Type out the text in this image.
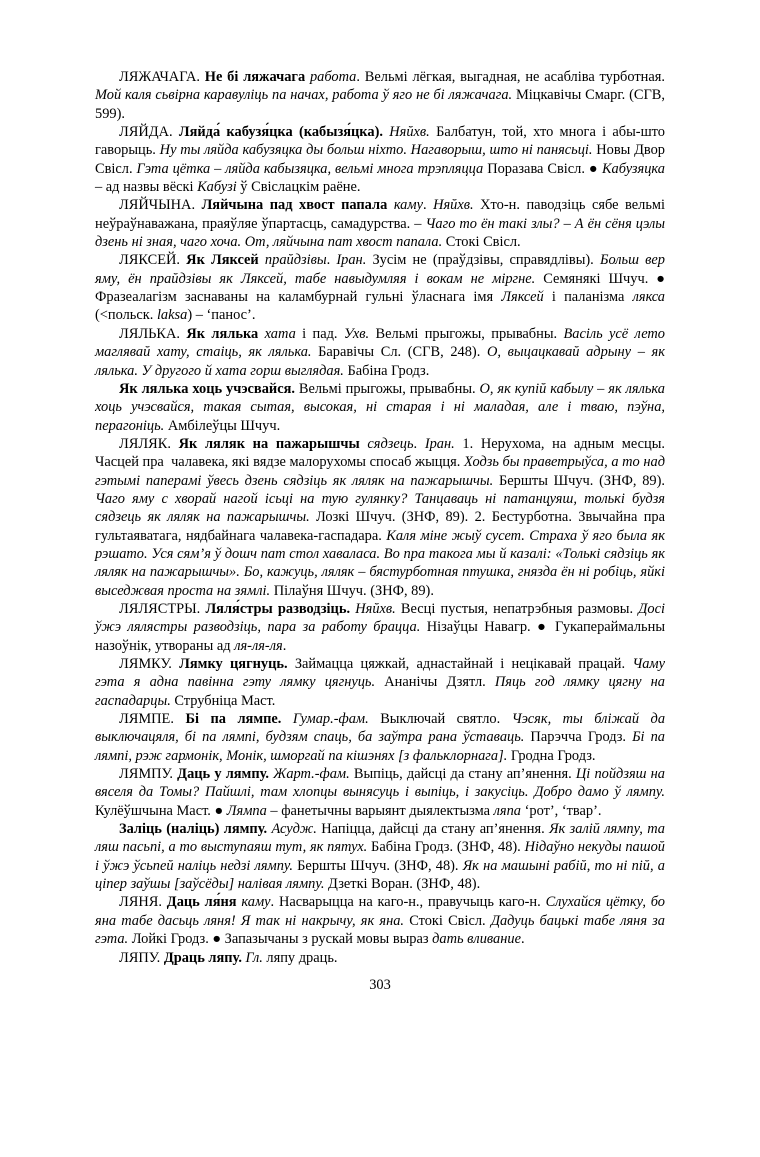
ЛЯЖАЧАГА. Не бі ляжачага работа. Вельмі лёгкая, выгадная, не асабліва турботная. Мой каля сьвірна каравуліць па начах, работа ў яго не бі ляжачага. Міцкавічы Смарг. (СГВ, 599).

ЛЯЙДА. Ляйда́ кабузя́цка (кабызя́цка). Няŭхв. Балбатун, той, хто многа і абы-што гаворыць. Ну ты ляйда кабузяцка ды больш ніхто. Нагаворыш, што ні панясьці. Новы Двор Свісл. Гэта цётка – ляйда кабызяцка, вельмі многа трэпляцца Поразава Свісл. ● Кабузяцка – ад назвы вёскі Кабузі ў Свіслацкім раёне.

ЛЯЙЧЫНА. Ляйчына пад хвост папала каму. Няŭхв. Хто-н. паводзіць сябе вельмі неўраўнаважана, праяўляе ўпартасць, самадурства. – Чаго то ён такі злы? – А ён сёня цэлы дзень ні зная, чаго хоча. От, ляйчына пат хвост папала. Стокі Свісл.

ЛЯКСЕЙ. Як Ляксей праŭдзівы. Іран. Зусім не (праўдзівы, справядлівы). Больш вер яму, ён праŭдзівы як Ляксей, табе навыдумляя і вокам не міргне. Семянякі Шчуч. ● Фразеалагізм заснаваны на каламбурнай гульні ўласнага імя Ляксей і паланізма лякса (<польск. laksa) – ‘панос’.

ЛЯЛЬКА. Як лялька хата і пад. Ухв. Вельмі прыгожы, прывабны. Васіль усё лето магляваŭ хату, стаіць, як лялька. Баравічы Сл. (СГВ, 248). О, выцацкаваŭ адрыну – як лялька. У другого й хата горш выглядая. Бабіна Гродз.

Як лялька хоць учэсвайся. Вельмі прыгожы, прывабны. О, як купіŭ кабылу – як лялька хоць учэсвайся, такая сытая, высокая, ні старая і ні маладая, але і тваю, пэўна, перагоніць. Амбілеўцы Шчуч.

ЛЯЛЯК. Як ляляк на пажарышчы сядзець. Іран. 1. Нерухома, на адным месцы. Часцей пра  чалавека, які вядзе малорухомы спосаб жыцця. Ходзь бы праветрыўса, а то над гэтымі паперамі ўвесь дзень сядзіць як ляляк на пажарышчы. Бершты Шчуч. (ЗНФ, 89). Чаго яму с хворай нагой ісьці на тую гулянку? Танцаваць ні патанцуяш, толькі будзя сядзець як ляляк на пажарышчы. Лозкі Шчуч. (ЗНФ, 89). 2. Бестурботна. Звычайна пра гультаяватага, нядбайнага чалавека-гаспадара. Каля міне жыў сусет. Страха ў яго была як рэшато. Уся сям’я ў дошч пат стол хаваласа. Во пра такога мы й казалі: «Толькі сядзіць як ляляк на пажарышчы». Бо, кажуць, ляляк – бястурботная птушка, гнязда ён ні робіць, яйкі выседжвая проста на зямлі. Пілаўня Шчуч. (ЗНФ, 89).

ЛЯЛЯСТРЫ. Ляля́стры разводзіць. Няŭхв. Весці пустыя, непатрэбныя размовы. Досі ўжэ лялястры разводзіць, пара за работу брацца. Нізаўцы Навагр. ● Гукапераймальны назоўнік, утвораны ад ля-ля-ля.

ЛЯМКУ. Лямку цягнуць. Займацца цяжкай, аднастайнай і нецікавай працай. Чаму гэта я адна павінна гэту лямку цягнуць. Ананічы Дзятл. Пяць год лямку цягну на гаспадарцы. Струбніца Маст.

ЛЯМПЕ. Бі па лямпе. Гумар.-фам. Выключай святло. Чэсяк, ты бліжай да выключацяля, бі па лямпі, будзям спаць, ба заўтра рана ўставаць. Парэчча Гродз. Бі па лямпі, рэж гармонік, Монік, шморгай па кішэнях [з фальклорнага]. Гродна Гродз.

ЛЯМПУ. Даць у лямпу. Жарт.-фам. Выпіць, дайсці да стану ап’янення. Ці пойдзяш на вяселя да Томы? Пайшлі, там хлопцы вынясуць і выпіць, і закусіць. Добро дамо ў лямпу. Кулёўшчына Маст. ● Лямпа – фанетычны варыянт дыялектызма ляпа ‘рот’, ‘твар’.

Заліць (наліць) лямпу. Асудж. Напіцца, дайсці да стану ап’янення. Як заліŭ лямпу, та ляш пасьпі, а то выступаяш тут, як пятух. Бабіна Гродз. (ЗНФ, 48). Нідаўно некуды пашоŭ і ўжэ ўсьпеŭ наліць недзі лямпу. Бершты Шчуч. (ЗНФ, 48). Як на машыні рабіŭ, то ні піŭ, а ціпер заўшы [заўсёды] налівая лямпу. Дзеткі Воран. (ЗНФ, 48).

ЛЯНЯ. Даць ля́ня каму. Насварыцца на каго-н., правучыць каго-н. Слухайся цётку, бо яна табе дасьць ляня! Я так ні накрычу, як яна. Стокі Свісл. Дадуць бацькі табе ляня за гэта. Лойкі Гродз. ● Запазычаны з рускай мовы выраз дать вливание.

ЛЯПУ. Драць ляпу. Гл. ляпу драць.

303
